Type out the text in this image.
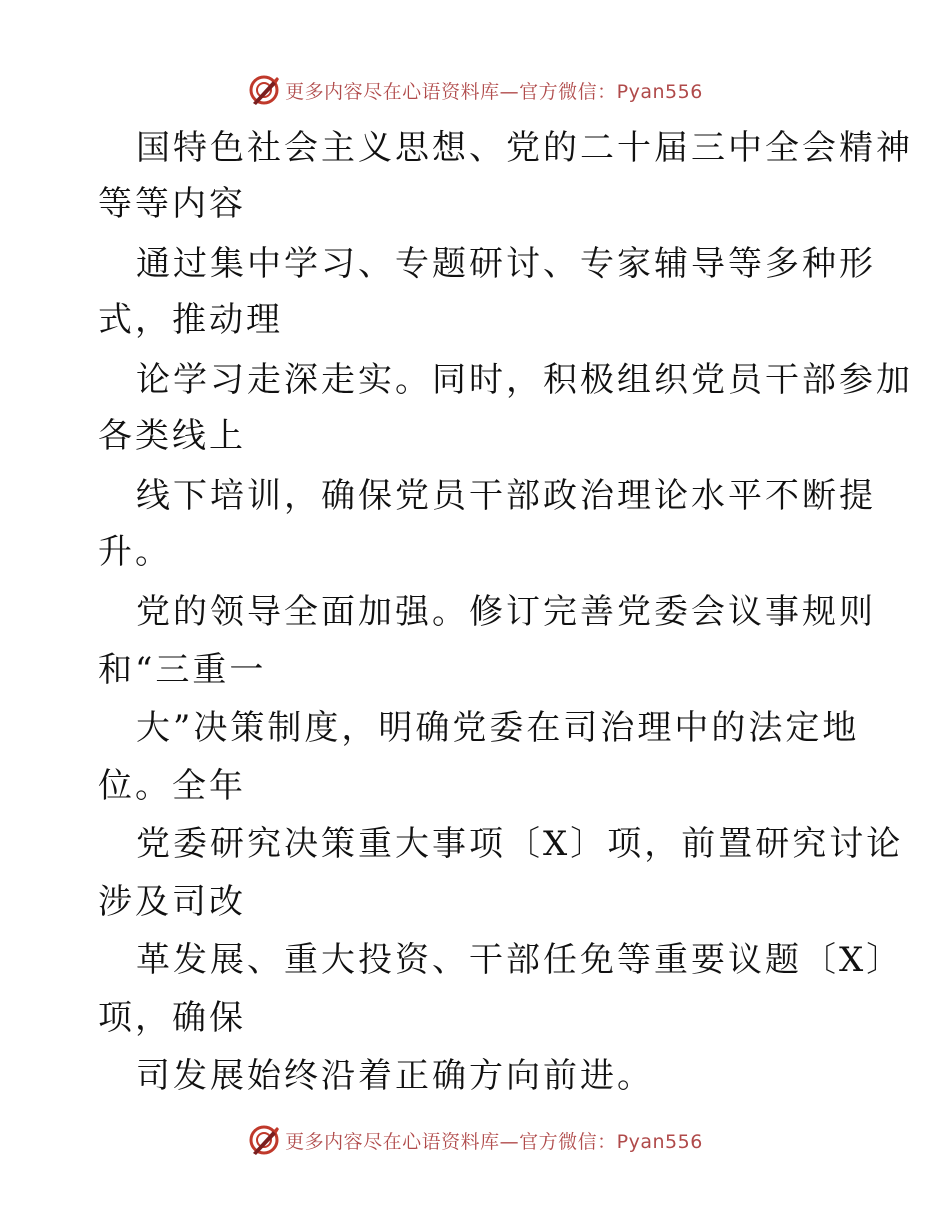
更多内容尽在心语资料库—官方微信：Pyan556
国特色社会主义思想、党的二十届三中全会精神
等等内容
通过集中学习、专题研讨、专家辅导等多种形
式，推动理
论学习走深走实。同时，积极组织党员干部参加
各类线上
线下培训，确保党员干部政治理论水平不断提
升。
党的领导全面加强。修订完善党委会议事规则
和“三重一
大”决策制度，明确党委在司治理中的法定地
位。全年
党委研究决策重大事项〔X〕项，前置研究讨论
涉及司改
革发展、重大投资、干部任免等重要议题〔X〕
项，确保
司发展始终沿着正确方向前进。
更多内容尽在心语资料库—官方微信：Pyan556
